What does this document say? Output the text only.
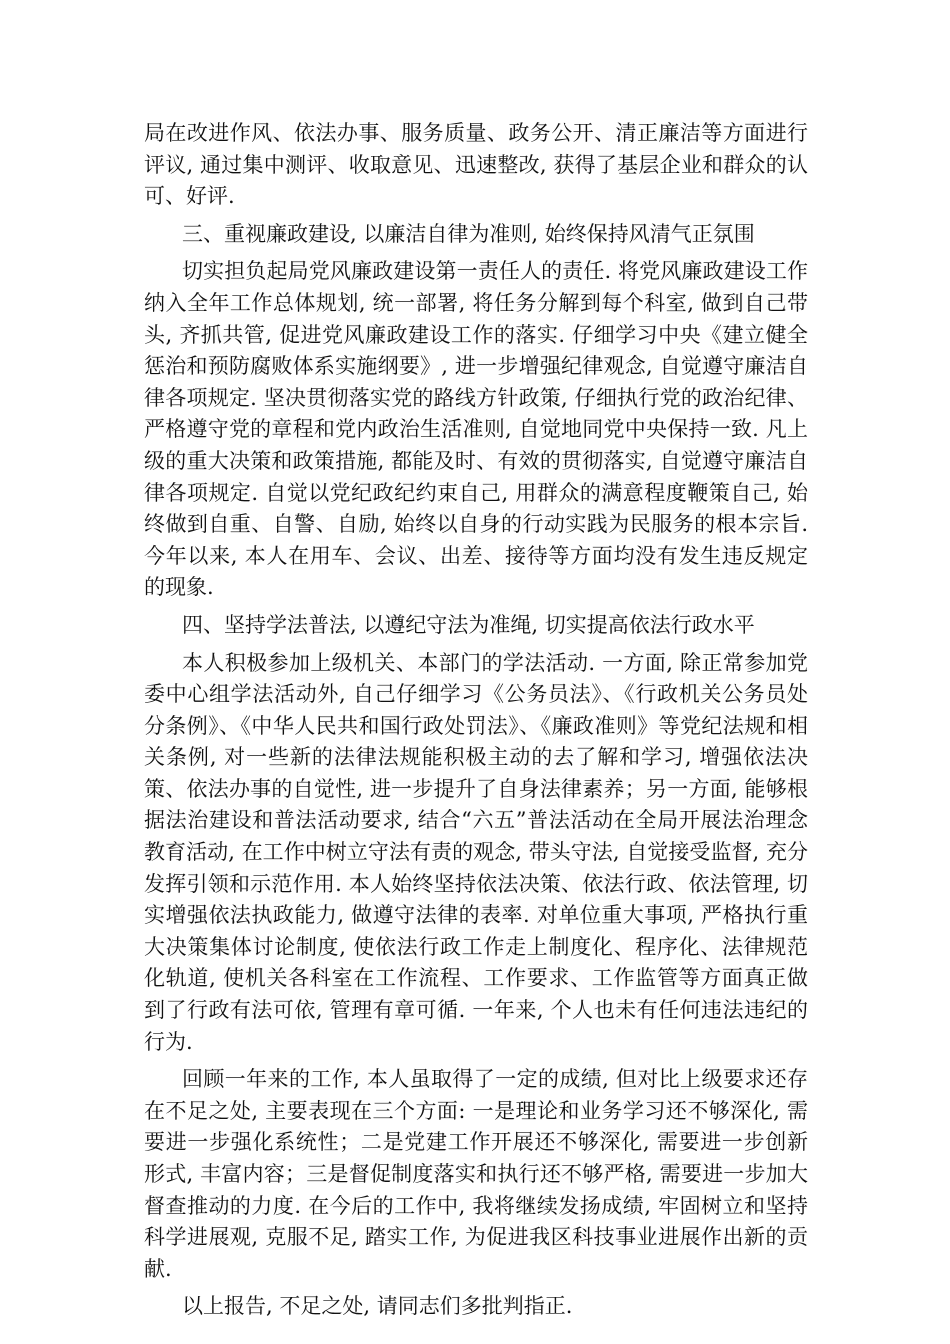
局在改进作风、依法办事、服务质量、政务公开、清正廉洁等方面进行评议, 通过集中测评、收取意见、迅速整改, 获得了基层企业和群众的认可、好评.

三、重视廉政建设, 以廉洁自律为准则, 始终保持风清气正氛围

切实担负起局党风廉政建设第一责任人的责任. 将党风廉政建设工作纳入全年工作总体规划, 统一部署, 将任务分解到每个科室, 做到自己带头, 齐抓共管, 促进党风廉政建设工作的落实. 仔细学习中央《建立健全惩治和预防腐败体系实施纲要》, 进一步增强纪律观念, 自觉遵守廉洁自律各项规定. 坚决贯彻落实党的路线方针政策, 仔细执行党的政治纪律、严格遵守党的章程和党内政治生活准则, 自觉地同党中央保持一致. 凡上级的重大决策和政策措施, 都能及时、有效的贯彻落实, 自觉遵守廉洁自律各项规定. 自觉以党纪政纪约束自己, 用群众的满意程度鞭策自己, 始终做到自重、自警、自励, 始终以自身的行动实践为民服务的根本宗旨. 今年以来, 本人在用车、会议、出差、接待等方面均没有发生违反规定的现象.

四、坚持学法普法, 以遵纪守法为准绳, 切实提高依法行政水平

本人积极参加上级机关、本部门的学法活动. 一方面, 除正常参加党委中心组学法活动外, 自己仔细学习《公务员法》、《行政机关公务员处分条例》、《中华人民共和国行政处罚法》、《廉政准则》等党纪法规和相关条例, 对一些新的法律法规能积极主动的去了解和学习, 增强依法决策、依法办事的自觉性, 进一步提升了自身法律素养；另一方面, 能够根据法治建设和普法活动要求, 结合“六五”普法活动在全局开展法治理念教育活动, 在工作中树立守法有责的观念, 带头守法, 自觉接受监督, 充分发挥引领和示范作用. 本人始终坚持依法决策、依法行政、依法管理, 切实增强依法执政能力, 做遵守法律的表率. 对单位重大事项, 严格执行重大决策集体讨论制度, 使依法行政工作走上制度化、程序化、法律规范化轨道, 使机关各科室在工作流程、工作要求、工作监管等方面真正做到了行政有法可依, 管理有章可循. 一年来, 个人也未有任何违法违纪的行为.

回顾一年来的工作, 本人虽取得了一定的成绩, 但对比上级要求还存在不足之处, 主要表现在三个方面: 一是理论和业务学习还不够深化, 需要进一步强化系统性；二是党建工作开展还不够深化, 需要进一步创新形式, 丰富内容；三是督促制度落实和执行还不够严格, 需要进一步加大督查推动的力度. 在今后的工作中, 我将继续发扬成绩, 牢固树立和坚持科学进展观, 克服不足, 踏实工作, 为促进我区科技事业进展作出新的贡献.

以上报告, 不足之处, 请同志们多批判指正.
